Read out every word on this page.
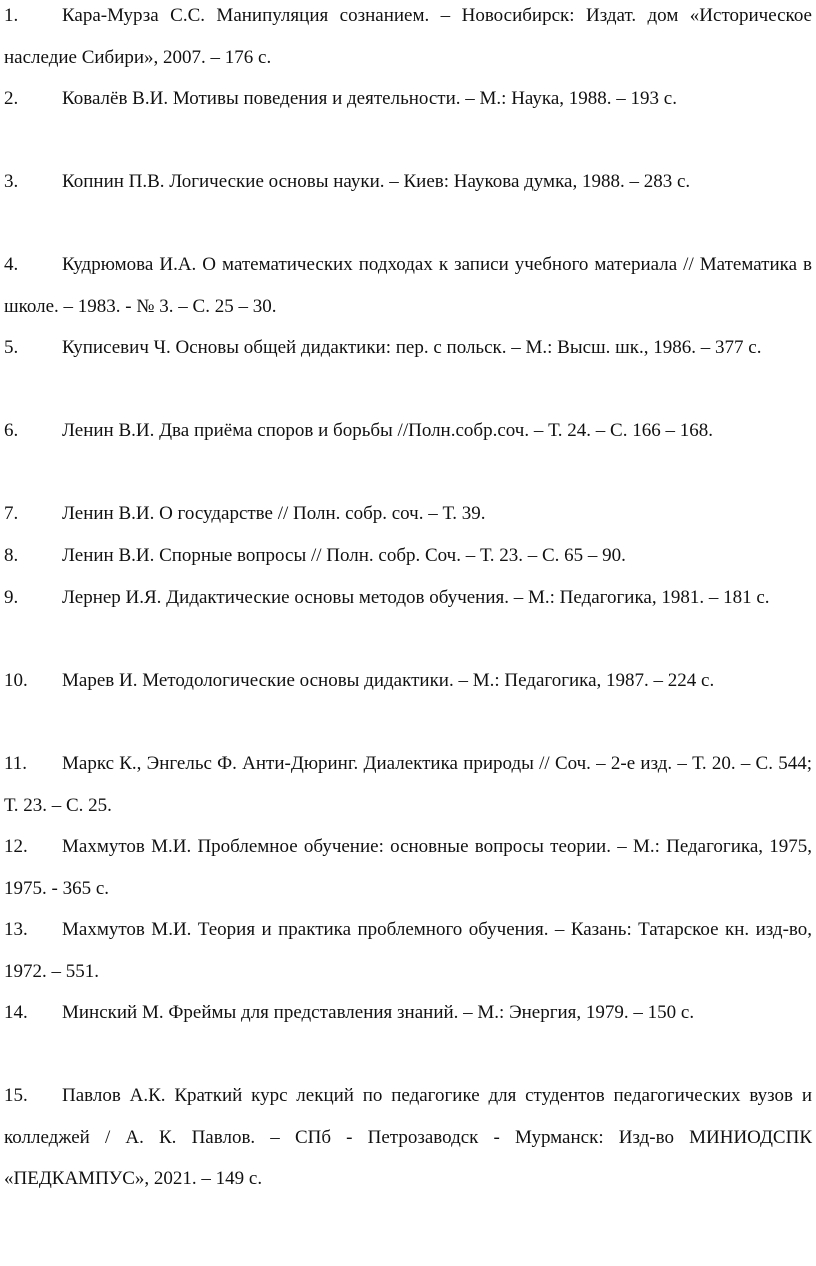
1. Кара-Мурза С.С. Манипуляция сознанием. – Новосибирск: Издат. дом «Историческое наследие Сибири», 2007. – 176 с.
2. Ковалёв В.И. Мотивы поведения и деятельности. – М.: Наука, 1988. – 193 с.
3. Копнин П.В. Логические основы науки. – Киев: Наукова думка, 1988. – 283 с.
4. Кудрюмова И.А. О математических подходах к записи учебного материала // Математика в школе. – 1983. - № 3. – С. 25 – 30.
5. Куписевич Ч. Основы общей дидактики: пер. с польск. – М.: Высш. шк., 1986. – 377 с.
6. Ленин В.И. Два приёма споров и борьбы //Полн.собр.соч. – Т. 24. – С. 166 – 168.
7. Ленин В.И. О государстве // Полн. собр. соч. – Т. 39.
8. Ленин В.И. Спорные вопросы // Полн. собр. Соч. – Т. 23. – С. 65 – 90.
9. Лернер И.Я. Дидактические основы методов обучения. – М.: Педагогика, 1981. – 181 с.
10. Марев И. Методологические основы дидактики. – М.: Педагогика, 1987. – 224 с.
11. Маркс К., Энгельс Ф. Анти-Дюринг. Диалектика природы // Соч. – 2-е изд. – Т. 20. – С. 544; Т. 23. – С. 25.
12. Махмутов М.И. Проблемное обучение: основные вопросы теории. – М.: Педагогика, 1975, 1975. - 365 с.
13. Махмутов М.И. Теория и практика проблемного обучения. – Казань: Татарское кн. изд-во, 1972. – 551.
14. Минский М. Фреймы для представления знаний. – М.: Энергия, 1979. – 150 с.
15. Павлов А.К. Краткий курс лекций по педагогике для студентов педагогических вузов и колледжей / А. К. Павлов. – СПб - Петрозаводск - Мурманск: Изд-во МИНИОДСПК «ПЕДКАМПУС», 2021. – 149 с.
